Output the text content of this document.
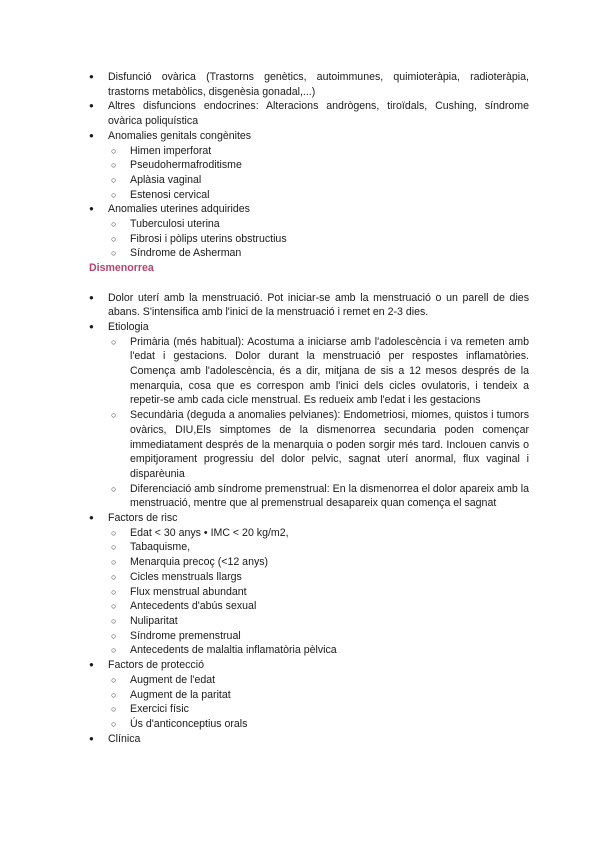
● Disfunció ovàrica (Trastorns genètics, autoimmunes, quimioteràpia, radioteràpia, trastorns metabòlics, disgenèsia gonadal,...)
● Altres disfuncions endocrines: Alteracions andrògens, tiroïdals, Cushing, síndrome ovàrica poliquística
● Anomalies genitals congènites
○ Himen imperforat
○ Pseudohermafroditisme
○ Aplàsia vaginal
○ Estenosi cervical
● Anomalies uterines adquirides
○ Tuberculosi uterina
○ Fibrosi i pòlips uterins obstructius
○ Síndrome de Asherman
Dismenorrea
● Dolor uterí amb la menstruació. Pot iniciar-se amb la menstruació o un parell de dies abans. S'intensifica amb l'inici de la menstruació i remet en 2-3 dies.
● Etiologia
○ Primària (més habitual): Acostuma a iniciarse amb l'adolescència i va remeten amb l'edat i gestacions. Dolor durant la menstruació per respostes inflamatòries. Comença amb l'adolescència, és a dir, mitjana de sis a 12 mesos després de la menarquia, cosa que es correspon amb l'inici dels cicles ovulatoris, i tendeix a repetir-se amb cada cicle menstrual. Es redueix amb l'edat i les gestacions
○ Secundària (deguda a anomalies pelvianes): Endometriosi, miomes, quistos i tumors ovàrics, DIU,Els simptomes de la dismenorrea secundaria poden començar immediatament després de la menarquia o poden sorgir més tard. Inclouen canvis o empitjorament progressiu del dolor pelvic, sagnat uterí anormal, flux vaginal i disparèunia
○ Diferenciació amb síndrome premenstrual: En la dismenorrea el dolor apareix amb la menstruació, mentre que al premenstrual desapareix quan comença el sagnat
● Factors de risc
○ Edat < 30 anys • IMC < 20 kg/m2,
○ Tabaquisme,
○ Menarquia precoç (<12 anys)
○ Cicles menstruals llargs
○ Flux menstrual abundant
○ Antecedents d'abús sexual
○ Nuliparitat
○ Síndrome premenstrual
○ Antecedents de malaltia inflamatòria pèlvica
● Factors de protecció
○ Augment de l'edat
○ Augment de la paritat
○ Exercici físic
○ Ús d'anticonceptius orals
● Clínica
